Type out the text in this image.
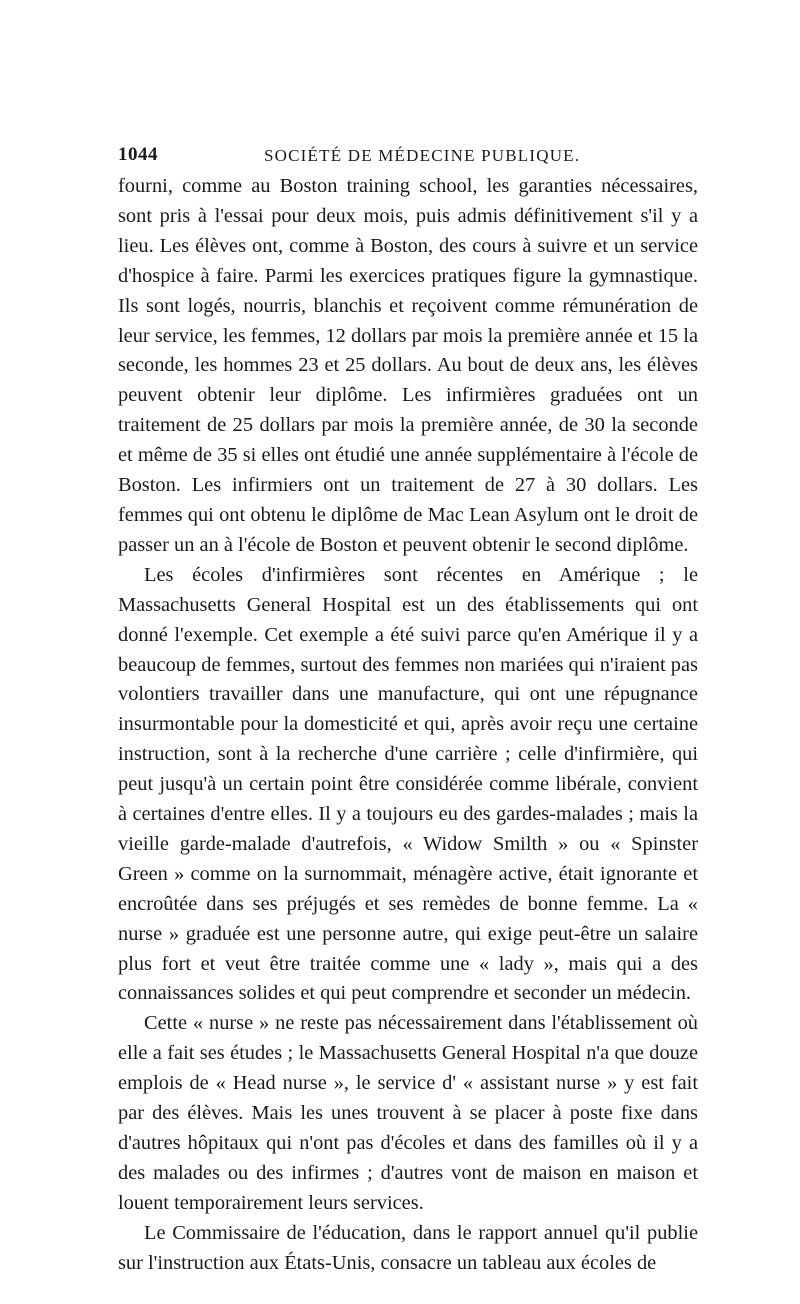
1044	SOCIÉTÉ DE MÉDECINE PUBLIQUE.

fourni, comme au Boston training school, les garanties nécessaires, sont pris à l'essai pour deux mois, puis admis définitivement s'il y a lieu. Les élèves ont, comme à Boston, des cours à suivre et un service d'hospice à faire. Parmi les exercices pratiques figure la gymnastique. Ils sont logés, nourris, blanchis et reçoivent comme rémunération de leur service, les femmes, 12 dollars par mois la première année et 15 la seconde, les hommes 23 et 25 dollars. Au bout de deux ans, les élèves peuvent obtenir leur diplôme. Les infirmières graduées ont un traitement de 25 dollars par mois la première année, de 30 la seconde et même de 35 si elles ont étudié une année supplémentaire à l'école de Boston. Les infirmiers ont un traitement de 27 à 30 dollars. Les femmes qui ont obtenu le diplôme de Mac Lean Asylum ont le droit de passer un an à l'école de Boston et peuvent obtenir le second diplôme.

Les écoles d'infirmières sont récentes en Amérique ; le Massachusetts General Hospital est un des établissements qui ont donné l'exemple. Cet exemple a été suivi parce qu'en Amérique il y a beaucoup de femmes, surtout des femmes non mariées qui n'iraient pas volontiers travailler dans une manufacture, qui ont une répugnance insurmontable pour la domesticité et qui, après avoir reçu une certaine instruction, sont à la recherche d'une carrière ; celle d'infirmière, qui peut jusqu'à un certain point être considérée comme libérale, convient à certaines d'entre elles. Il y a toujours eu des gardes-malades ; mais la vieille garde-malade d'autrefois, « Widow Smilth » ou « Spinster Green » comme on la surnommait, ménagère active, était ignorante et encroûtée dans ses préjugés et ses remèdes de bonne femme. La « nurse » graduée est une personne autre, qui exige peut-être un salaire plus fort et veut être traitée comme une « lady », mais qui a des connaissances solides et qui peut comprendre et seconder un médecin.

Cette « nurse » ne reste pas nécessairement dans l'établissement où elle a fait ses études ; le Massachusetts General Hospital n'a que douze emplois de « Head nurse », le service d' « assistant nurse » y est fait par des élèves. Mais les unes trouvent à se placer à poste fixe dans d'autres hôpitaux qui n'ont pas d'écoles et dans des familles où il y a des malades ou des infirmes ; d'autres vont de maison en maison et louent temporairement leurs services.

Le Commissaire de l'éducation, dans le rapport annuel qu'il publie sur l'instruction aux États-Unis, consacre un tableau aux écoles de
